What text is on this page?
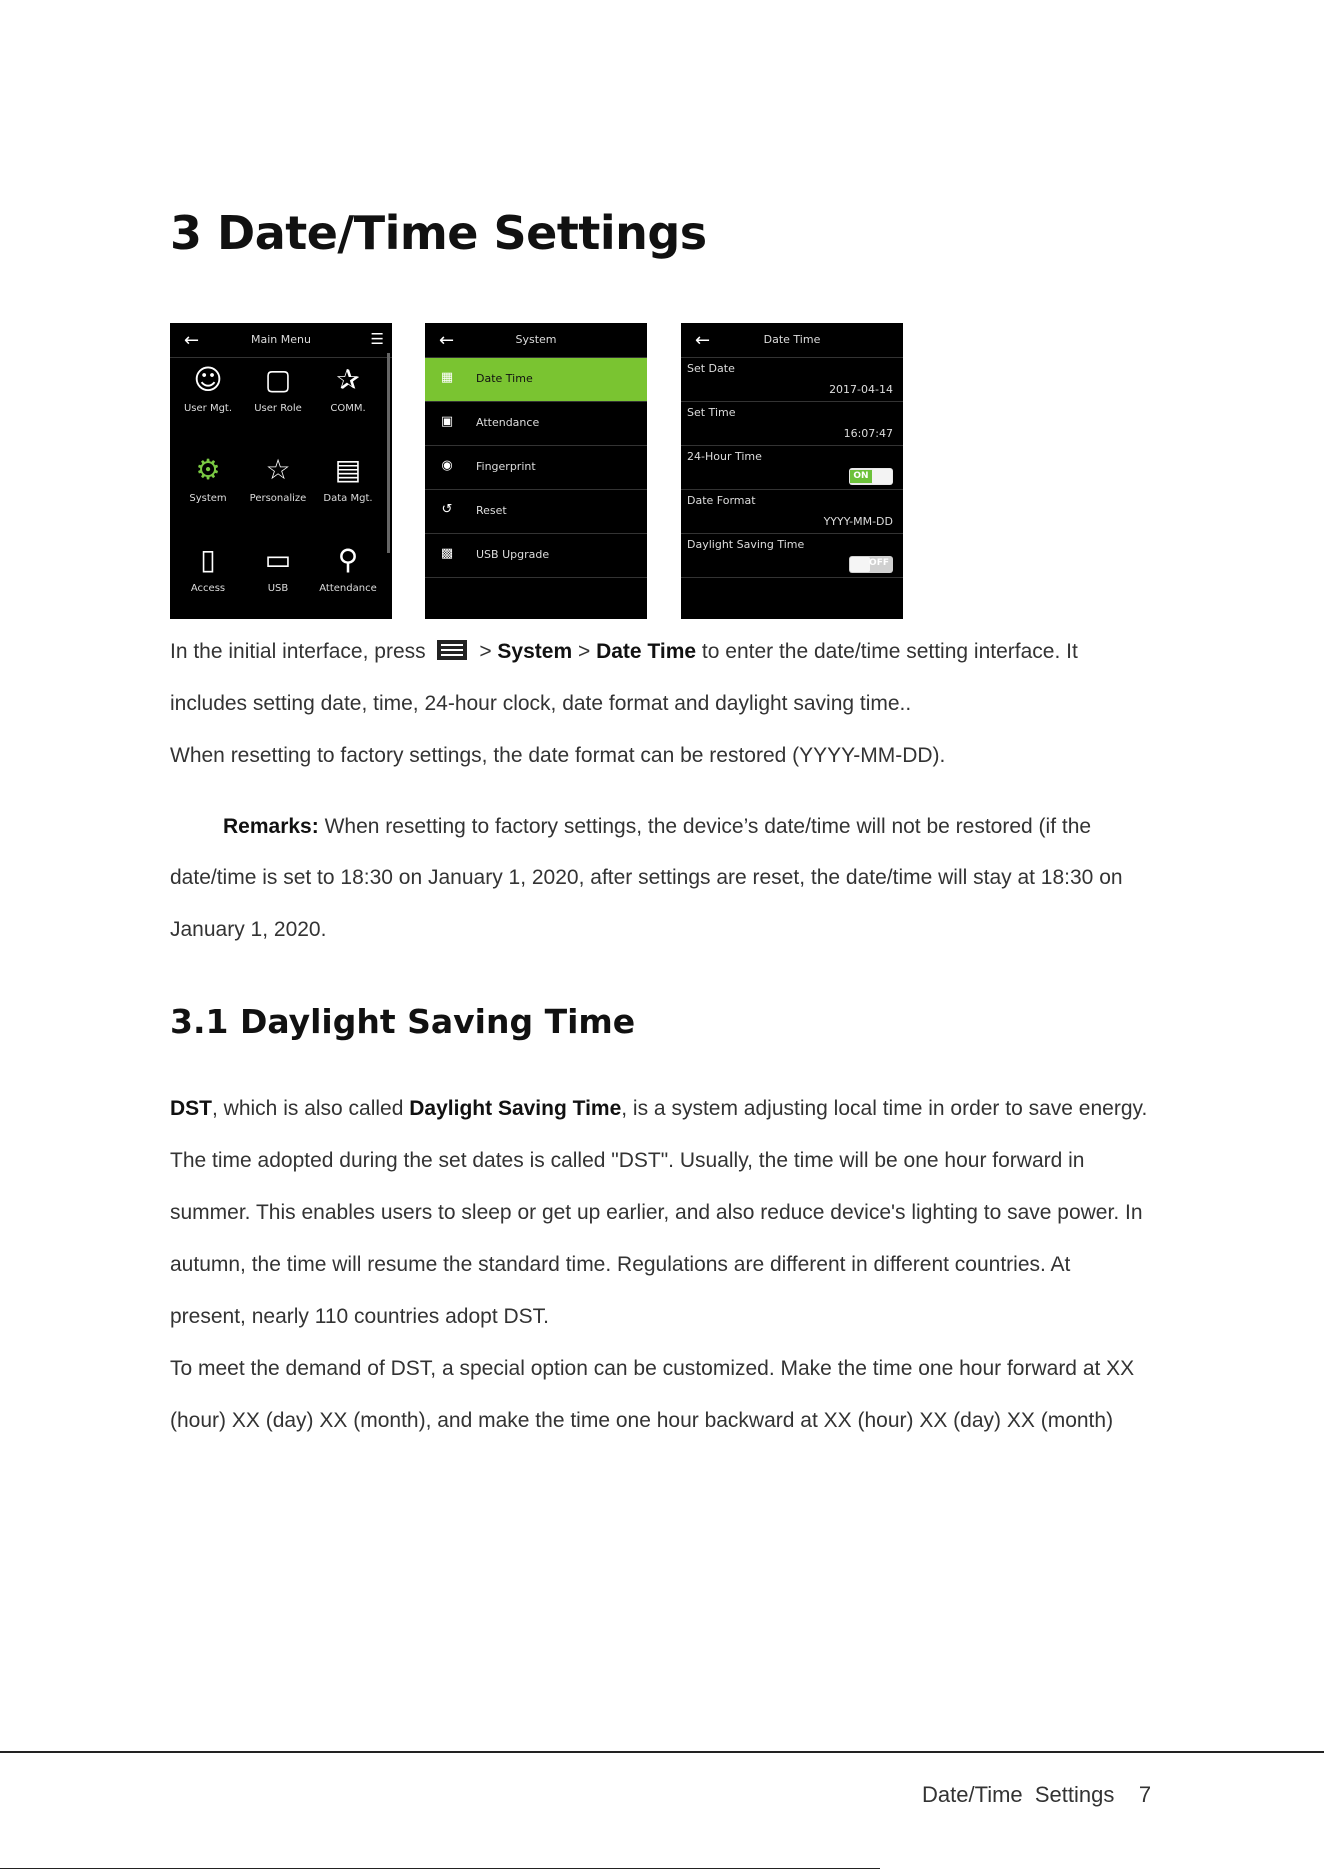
3 Date/Time Settings
←	Main Menu	☰
☺
User Mgt.
▢
User Role
✰
COMM.
⚙
System
☆
Personalize
▤
Data Mgt.
▯
Access
▭
USB
⚲
Attendance
←	System
▦ Date Time
▣ Attendance
◉ Fingerprint
↺ Reset
▩ USB Upgrade
←	Date Time
Set Date
2017-04-14
Set Time
16:07:47
24-Hour Time
ON
Date Format
YYYY-MM-DD
Daylight Saving Time
OFF
In the initial interface, press
> System > Date Time to enter the date/time setting interface. It
includes setting date, time, 24-hour clock, date format and daylight saving time..
When resetting to factory settings, the date format can be restored (YYYY-MM-DD).
Remarks: When resetting to factory settings, the device’s date/time will not be restored (if the
date/time is set to 18:30 on January 1, 2020, after settings are reset, the date/time will stay at 18:30 on
January 1, 2020.
3.1 Daylight Saving Time
DST, which is also called Daylight Saving Time, is a system adjusting local time in order to save energy.
The time adopted during the set dates is called "DST". Usually, the time will be one hour forward in
summer. This enables users to sleep or get up earlier, and also reduce device's lighting to save power. In
autumn, the time will resume the standard time. Regulations are different in different countries. At
present, nearly 110 countries adopt DST.
To meet the demand of DST, a special option can be customized. Make the time one hour forward at XX
(hour) XX (day) XX (month), and make the time one hour backward at XX (hour) XX (day) XX (month)
Date/Time  Settings    7
